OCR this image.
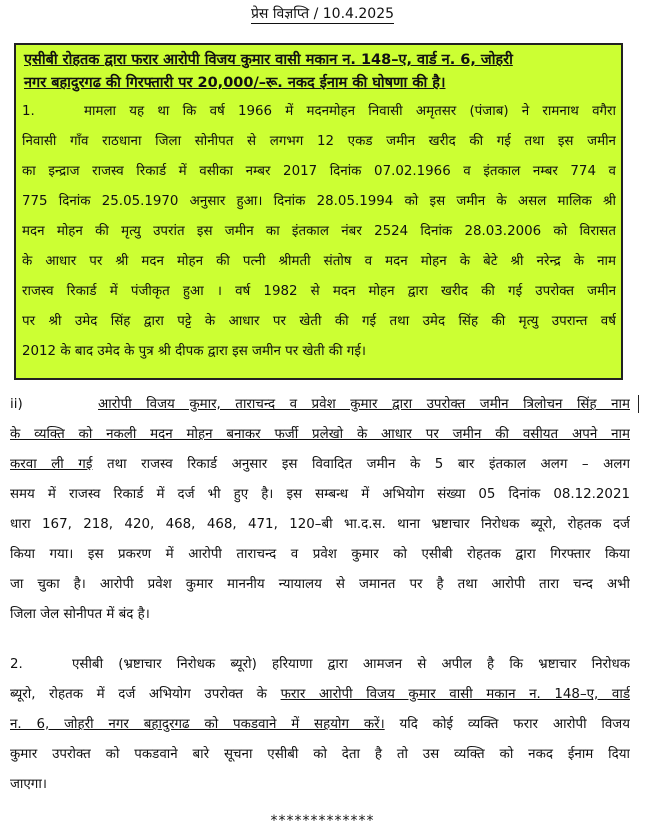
प्रेस विज्ञप्ति / 10.4.2025
एसीबी रोहतक द्वारा फरार आरोपी विजय कुमार वासी मकान न. 148–ए, वार्ड न. 6, जोहरी
नगर बहादुरगढ की गिरफ्तारी पर 20,000/–रू. नकद ईनाम की घोषणा की है।
1.	मामला यह था कि वर्ष 1966 में मदनमोहन निवासी अमृतसर (पंजाब) ने रामनाथ वगैरा
निवासी गाँव राठधाना जिला सोनीपत से लगभग 12 एकड जमीन खरीद की गई तथा इस जमीन
का इन्द्राज राजस्व रिकार्ड में वसीका नम्बर 2017 दिनांक 07.02.1966 व इंतकाल नम्बर 774 व
775 दिनांक 25.05.1970 अनुसार हुआ। दिनांक 28.05.1994 को इस जमीन के असल मालिक श्री
मदन मोहन की मृत्यु उपरांत इस जमीन का इंतकाल नंबर 2524 दिनांक 28.03.2006 को विरासत
के आधार पर श्री मदन मोहन की पत्नी श्रीमती संतोष व मदन मोहन के बेटे श्री नरेन्द्र के नाम
राजस्व रिकार्ड में पंजीकृत हुआ । वर्ष 1982 से मदन मोहन द्वारा खरीद की गई उपरोक्त जमीन
पर श्री उमेद सिंह द्वारा पट्टे के आधार पर खेती की गई तथा उमेद सिंह की मृत्यु उपरान्त वर्ष
2012 के बाद उमेद के पुत्र श्री दीपक द्वारा इस जमीन पर खेती की गई।
ii)	आरोपी विजय कुमार, ताराचन्द व प्रवेश कुमार द्वारा उपरोक्त जमीन त्रिलोचन सिंह नाम
के व्यक्ति को नकली मदन मोहन बनाकर फर्जी प्रलेखो के आधार पर जमीन की वसीयत अपने नाम
करवा ली गई तथा राजस्व रिकार्ड अनुसार इस विवादित जमीन के 5 बार इंतकाल अलग – अलग
समय में राजस्व रिकार्ड में दर्ज भी हुए है। इस सम्बन्ध में अभियोग संख्या 05 दिनांक 08.12.2021
धारा 167, 218, 420, 468, 468, 471, 120–बी भा.द.स. थाना भ्रष्टाचार निरोधक ब्यूरो, रोहतक दर्ज
किया गया। इस प्रकरण में आरोपी ताराचन्द व प्रवेश कुमार को एसीबी रोहतक द्वारा गिरफ्तार किया
जा चुका है। आरोपी प्रवेश कुमार माननीय न्यायालय से जमानत पर है तथा आरोपी तारा चन्द अभी
जिला जेल सोनीपत में बंद है।
2.	एसीबी (भ्रष्टाचार निरोधक ब्यूरो) हरियाणा द्वारा आमजन से अपील है कि भ्रष्टाचार निरोधक
ब्यूरो, रोहतक में दर्ज अभियोग उपरोक्त के फरार आरोपी विजय कुमार वासी मकान न. 148–ए, वार्ड
न. 6, जोहरी नगर बहादुरगढ को पकडवाने में सहयोग करें। यदि कोई व्यक्ति फरार आरोपी विजय
कुमार उपरोक्त को पकडवाने बारे सूचना एसीबी को देता है तो उस व्यक्ति को नकद ईनाम दिया
जाएगा।
*************
